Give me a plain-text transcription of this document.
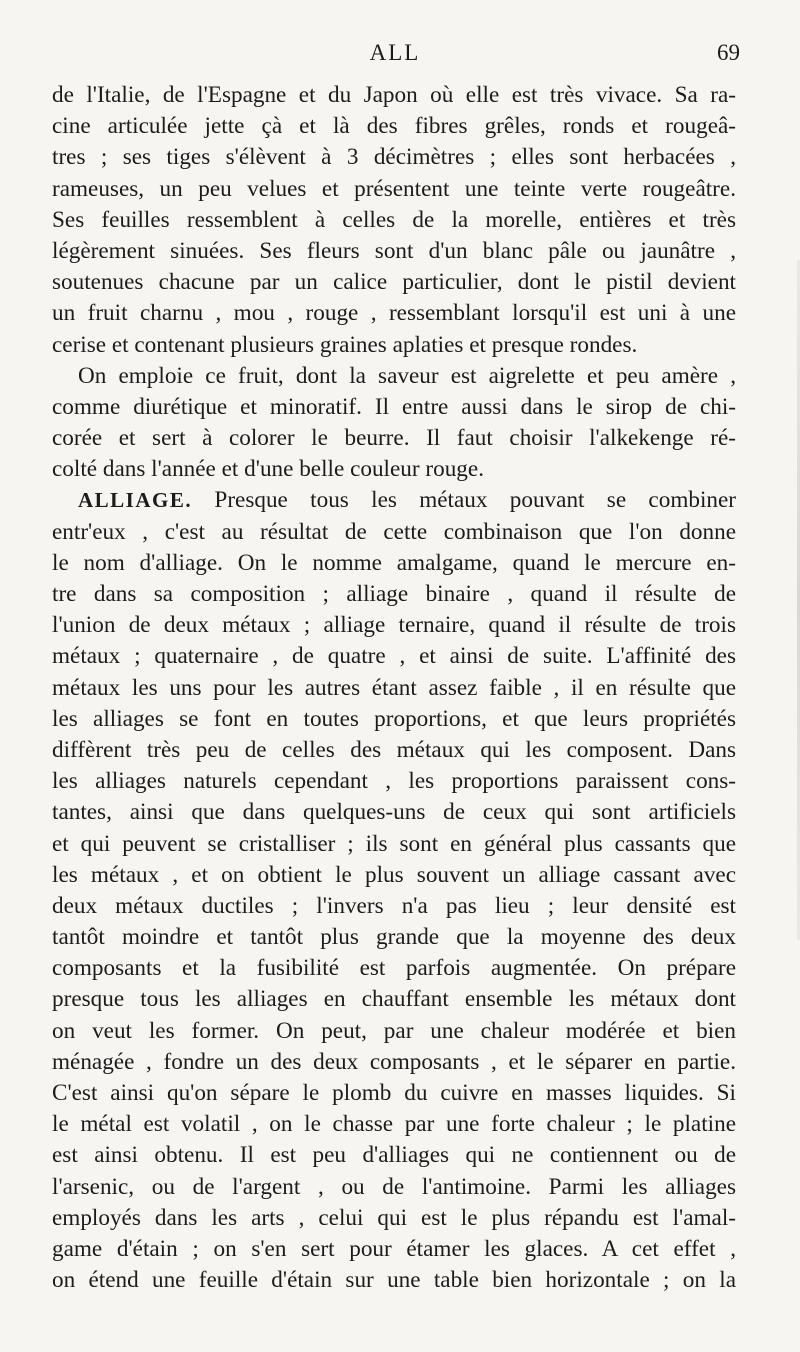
ALL	69
de l'Italie, de l'Espagne et du Japon où elle est très vivace. Sa ra-
cine articulée jette çà et là des fibres grêles, ronds et rougeâ-
tres ; ses tiges s'élèvent à 3 décimètres ; elles sont herbacées ,
rameuses, un peu velues et présentent une teinte verte rougeâtre.
Ses feuilles ressemblent à celles de la morelle, entières et très
légèrement sinuées. Ses fleurs sont d'un blanc pâle ou jaunâtre ,
soutenues chacune par un calice particulier, dont le pistil devient
un fruit charnu , mou , rouge , ressemblant lorsqu'il est uni à une
cerise et contenant plusieurs graines aplaties et presque rondes.
On emploie ce fruit, dont la saveur est aigrelette et peu amère ,
comme diurétique et minoratif. Il entre aussi dans le sirop de chi-
corée et sert à colorer le beurre. Il faut choisir l'alkekenge ré-
colté dans l'année et d'une belle couleur rouge.
ALLIAGE. Presque tous les métaux pouvant se combiner
entr'eux , c'est au résultat de cette combinaison que l'on donne
le nom d'alliage. On le nomme amalgame, quand le mercure en-
tre dans sa composition ; alliage binaire , quand il résulte de
l'union de deux métaux ; alliage ternaire, quand il résulte de trois
métaux ; quaternaire , de quatre , et ainsi de suite. L'affinité des
métaux les uns pour les autres étant assez faible , il en résulte que
les alliages se font en toutes proportions, et que leurs propriétés
diffèrent très peu de celles des métaux qui les composent. Dans
les alliages naturels cependant , les proportions paraissent cons-
tantes, ainsi que dans quelques-uns de ceux qui sont artificiels
et qui peuvent se cristalliser ; ils sont en général plus cassants que
les métaux , et on obtient le plus souvent un alliage cassant avec
deux métaux ductiles ; l'invers n'a pas lieu ; leur densité est
tantôt moindre et tantôt plus grande que la moyenne des deux
composants et la fusibilité est parfois augmentée. On prépare
presque tous les alliages en chauffant ensemble les métaux dont
on veut les former. On peut, par une chaleur modérée et bien
ménagée , fondre un des deux composants , et le séparer en partie.
C'est ainsi qu'on sépare le plomb du cuivre en masses liquides. Si
le métal est volatil , on le chasse par une forte chaleur ; le platine
est ainsi obtenu. Il est peu d'alliages qui ne contiennent ou de
l'arsenic, ou de l'argent , ou de l'antimoine. Parmi les alliages
employés dans les arts , celui qui est le plus répandu est l'amal-
game d'étain ; on s'en sert pour étamer les glaces. A cet effet ,
on étend une feuille d'étain sur une table bien horizontale ; on la
